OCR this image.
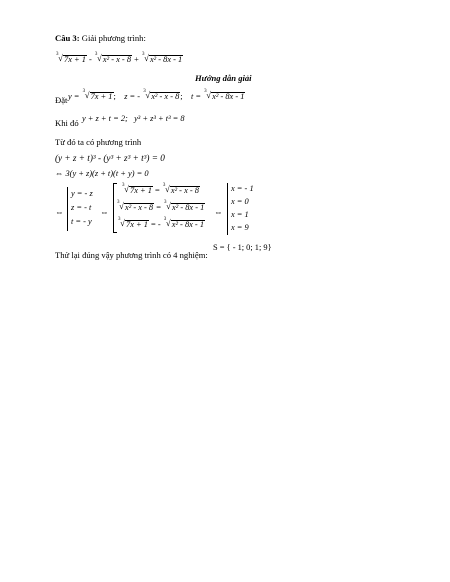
Câu 3: Giải phương trình:
3 √ 7x + 1 -
3 √ x² - x - 8 +
3 √ x² - 8x - 1
Hướng dẫn giải
Đặt y =
3 √ 7x + 1; z = -
3 √ x² - x - 8; t =
3 √ x² - 8x - 1
Khi đó y + z + t = 2; y³ + z³ + t³ = 8
Từ đó ta có phương trình
(y + z + t)³ - (y³ + z³ + t³) = 0
⇔ 3(y + z)(z + t)(t + y) = 0
⇔
y = - z
z = - t
t = - y
⇔
3 √ 7x + 1 =
3 √ x² - x - 8
3 √ x² - x - 8 =
3 √ x² - 8x - 1
3 √ 7x + 1 = -
3 √ x² - 8x - 1
⇔
x = - 1
x = 0
x = 1
x = 9
Thử lại đúng vậy phương trình có 4 nghiệm:
S = { - 1; 0; 1; 9}
